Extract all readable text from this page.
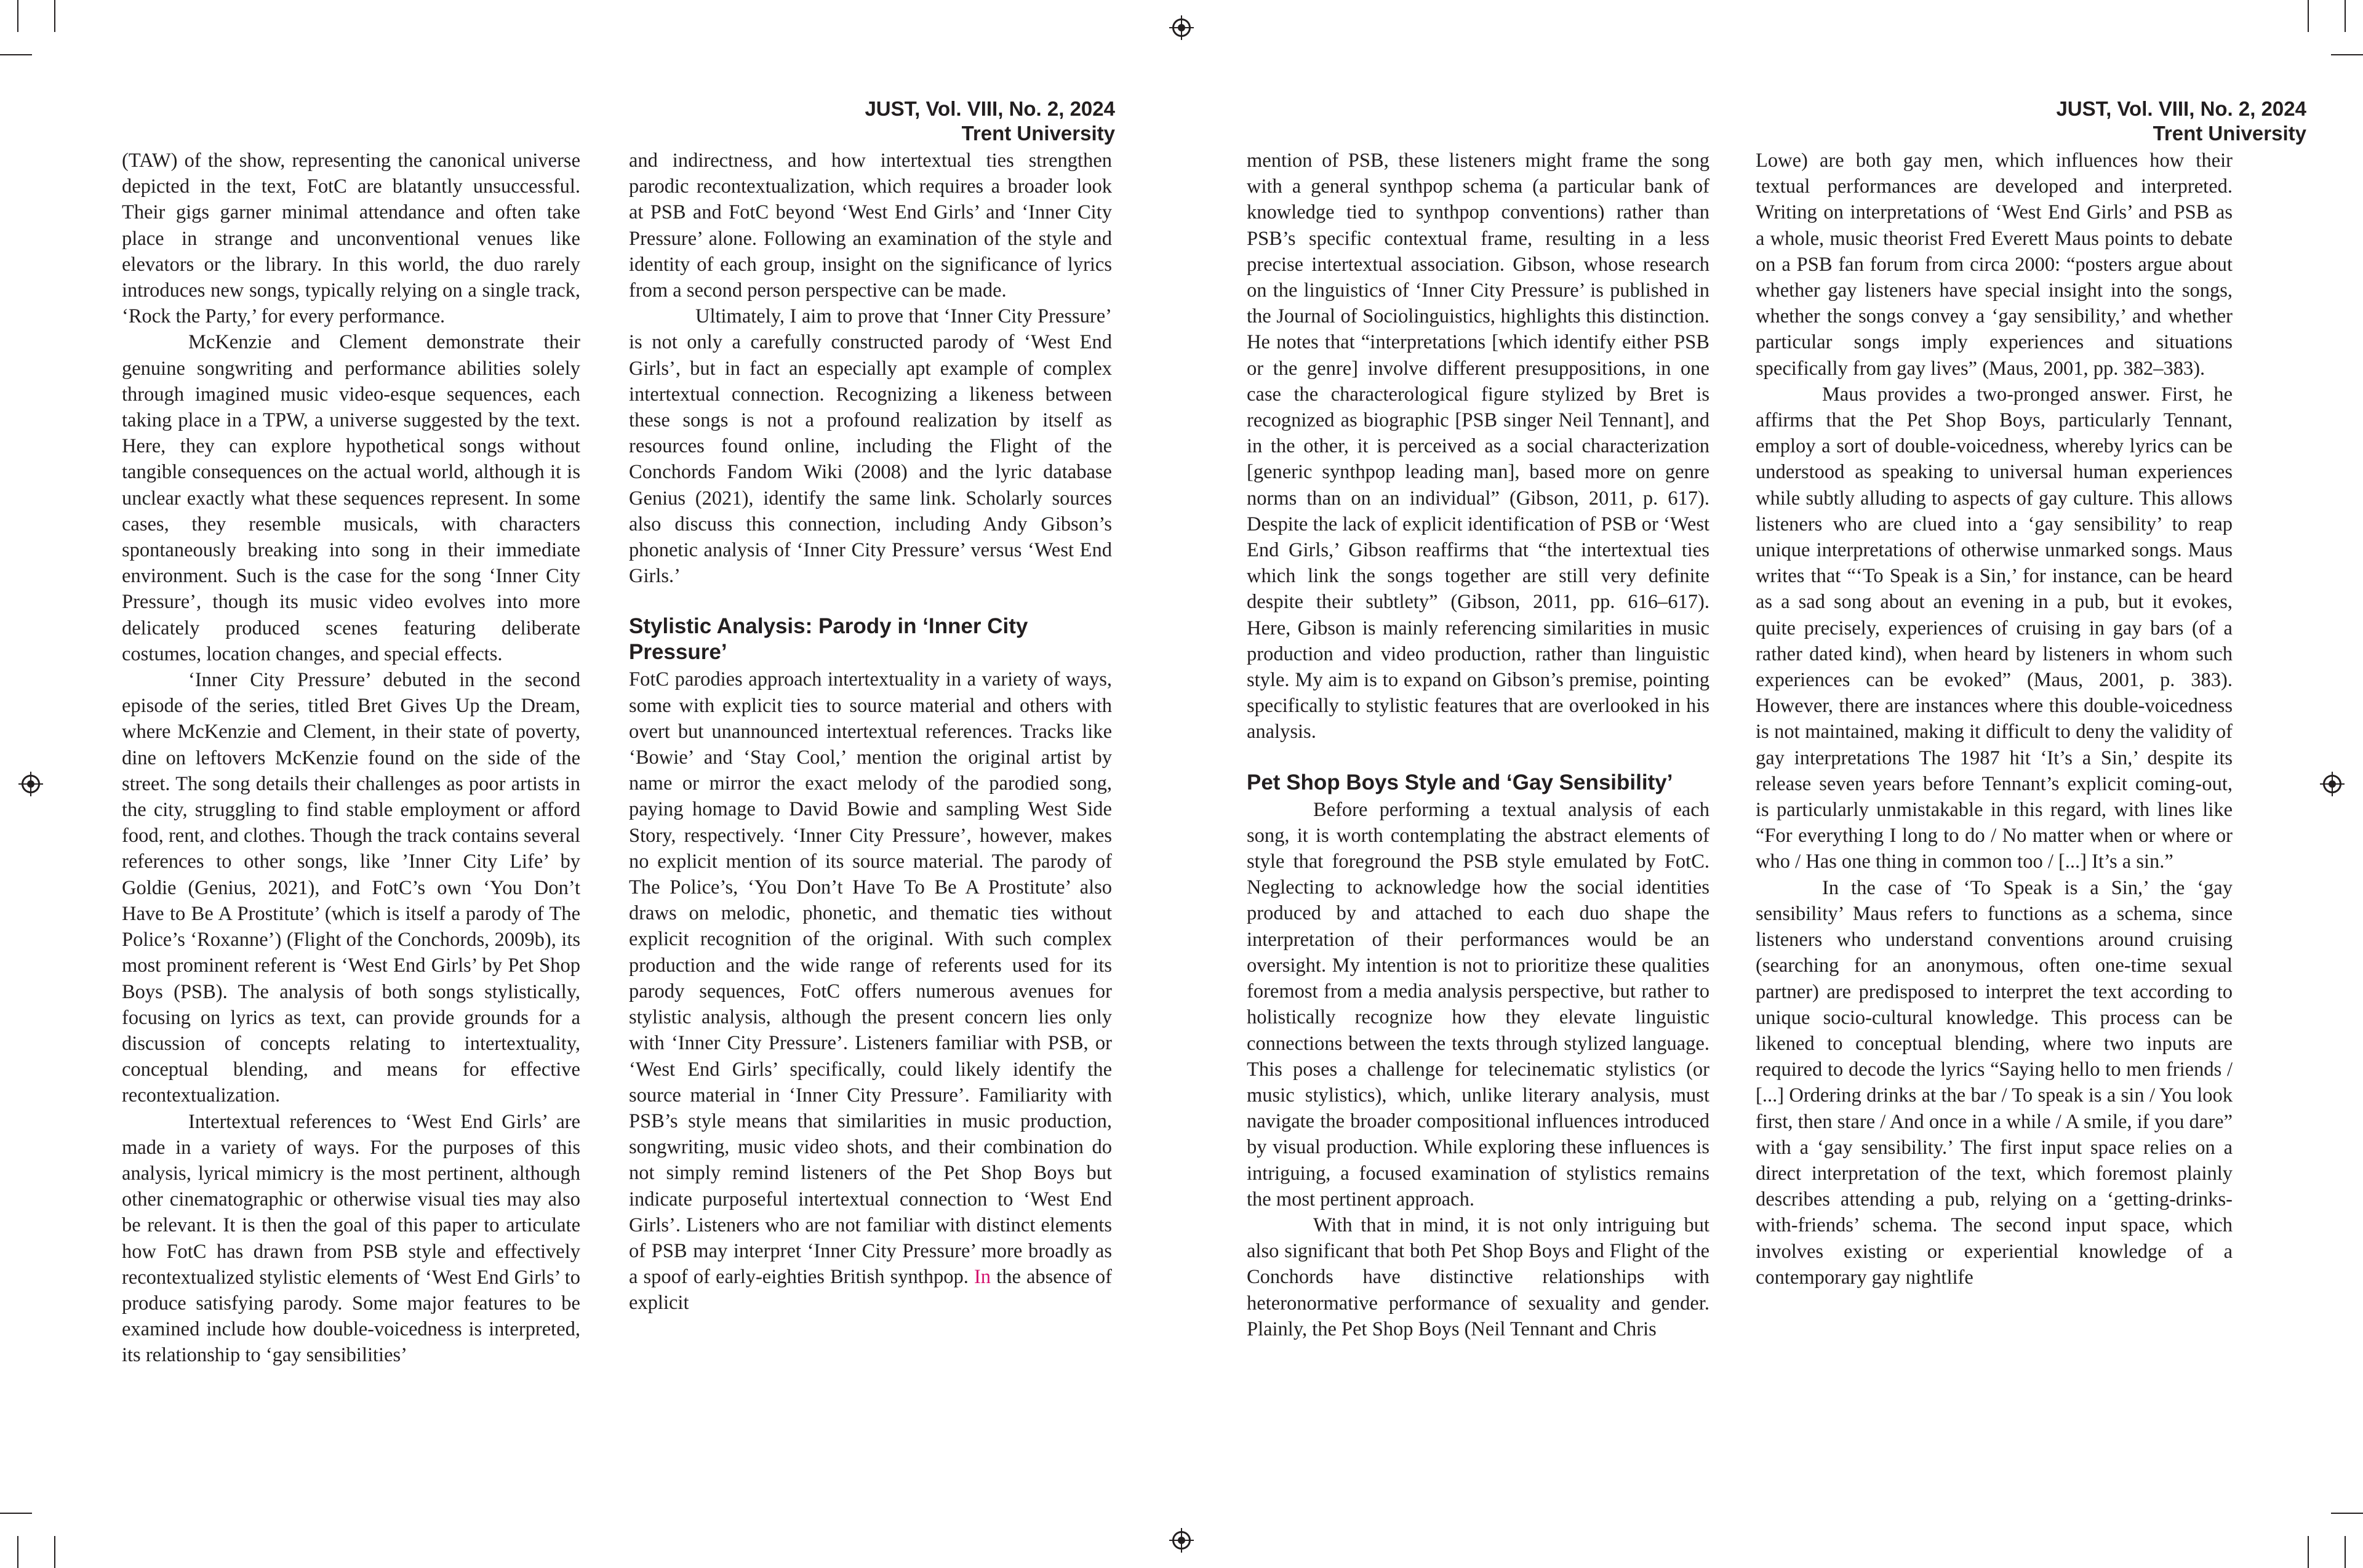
JUST, Vol. VIII, No. 2, 2024
Trent University

(TAW) of the show, representing the canonical universe depicted in the text, FotC are blatantly unsuccessful. Their gigs garner minimal attendance and often take place in strange and unconventional venues like elevators or the library. In this world, the duo rarely introduces new songs, typically relying on a single track, ‘Rock the Party,’ for every performance.

McKenzie and Clement demonstrate their genuine songwriting and performance abilities solely through imagined music video-esque sequences, each taking place in a TPW, a universe suggested by the text. Here, they can explore hypothetical songs without tangible consequences on the actual world, although it is unclear exactly what these sequences represent. In some cases, they resemble musicals, with characters spontaneously breaking into song in their immediate environment. Such is the case for the song ‘Inner City Pressure’, though its music video evolves into more delicately produced scenes featuring deliberate costumes, location changes, and special effects.

‘Inner City Pressure’ debuted in the second episode of the series, titled Bret Gives Up the Dream, where McKenzie and Clement, in their state of poverty, dine on leftovers McKenzie found on the side of the street. The song details their challenges as poor artists in the city, struggling to find stable employment or afford food, rent, and clothes. Though the track contains several references to other songs, like ’Inner City Life’ by Goldie (Genius, 2021), and FotC’s own ‘You Don’t Have to Be A Prostitute’ (which is itself a parody of The Police’s ‘Roxanne’) (Flight of the Conchords, 2009b), its most prominent referent is ‘West End Girls’ by Pet Shop Boys (PSB). The analysis of both songs stylistically, focusing on lyrics as text, can provide grounds for a discussion of concepts relating to intertextuality, conceptual blending, and means for effective recontextualization.

Intertextual references to ‘West End Girls’ are made in a variety of ways. For the purposes of this analysis, lyrical mimicry is the most pertinent, although other cinematographic or otherwise visual ties may also be relevant. It is then the goal of this paper to articulate how FotC has drawn from PSB style and effectively recontextualized stylistic elements of ‘West End Girls’ to produce satisfying parody. Some major features to be examined include how double-voicedness is interpreted, its relationship to ‘gay sensibilities’

and indirectness, and how intertextual ties strengthen parodic recontextualization, which requires a broader look at PSB and FotC beyond ‘West End Girls’ and ‘Inner City Pressure’ alone. Following an examination of the style and identity of each group, insight on the significance of lyrics from a second person perspective can be made.

Ultimately, I aim to prove that ‘Inner City Pressure’ is not only a carefully constructed parody of ‘West End Girls’, but in fact an especially apt example of complex intertextual connection. Recognizing a likeness between these songs is not a profound realization by itself as resources found online, including the Flight of the Conchords Fandom Wiki (2008) and the lyric database Genius (2021), identify the same link. Scholarly sources also discuss this connection, including Andy Gibson’s phonetic analysis of ‘Inner City Pressure’ versus ‘West End Girls.’

Stylistic Analysis: Parody in ‘Inner City Pressure’

FotC parodies approach intertextuality in a variety of ways, some with explicit ties to source material and others with overt but unannounced intertextual references. Tracks like ‘Bowie’ and ‘Stay Cool,’ mention the original artist by name or mirror the exact melody of the parodied song, paying homage to David Bowie and sampling West Side Story, respectively. ‘Inner City Pressure’, however, makes no explicit mention of its source material. The parody of The Police’s, ‘You Don’t Have To Be A Prostitute’ also draws on melodic, phonetic, and thematic ties without explicit recognition of the original. With such complex production and the wide range of referents used for its parody sequences, FotC offers numerous avenues for stylistic analysis, although the present concern lies only with ‘Inner City Pressure’. Listeners familiar with PSB, or ‘West End Girls’ specifically, could likely identify the source material in ‘Inner City Pressure’. Familiarity with PSB’s style means that similarities in music production, songwriting, music video shots, and their combination do not simply remind listeners of the Pet Shop Boys but indicate purposeful intertextual connection to ‘West End Girls’. Listeners who are not familiar with distinct elements of PSB may interpret ‘Inner City Pressure’ more broadly as a spoof of early-eighties British synthpop. In the absence of explicit

JUST, Vol. VIII, No. 2, 2024
Trent University

mention of PSB, these listeners might frame the song with a general synthpop schema (a particular bank of knowledge tied to synthpop conventions) rather than PSB’s specific contextual frame, resulting in a less precise intertextual association. Gibson, whose research on the linguistics of ‘Inner City Pressure’ is published in the Journal of Sociolinguistics, highlights this distinction. He notes that “interpretations [which identify either PSB or the genre] involve different presuppositions, in one case the characterological figure stylized by Bret is recognized as biographic [PSB singer Neil Tennant], and in the other, it is perceived as a social characterization [generic synthpop leading man], based more on genre norms than on an individual” (Gibson, 2011, p. 617). Despite the lack of explicit identification of PSB or ‘West End Girls,’ Gibson reaffirms that “the intertextual ties which link the songs together are still very definite despite their subtlety” (Gibson, 2011, pp. 616–617). Here, Gibson is mainly referencing similarities in music production and video production, rather than linguistic style. My aim is to expand on Gibson’s premise, pointing specifically to stylistic features that are overlooked in his analysis.

Pet Shop Boys Style and ‘Gay Sensibility’

Before performing a textual analysis of each song, it is worth contemplating the abstract elements of style that foreground the PSB style emulated by FotC. Neglecting to acknowledge how the social identities produced by and attached to each duo shape the interpretation of their performances would be an oversight. My intention is not to prioritize these qualities foremost from a media analysis perspective, but rather to holistically recognize how they elevate linguistic connections between the texts through stylized language. This poses a challenge for telecinematic stylistics (or music stylistics), which, unlike literary analysis, must navigate the broader compositional influences introduced by visual production. While exploring these influences is intriguing, a focused examination of stylistics remains the most pertinent approach.

With that in mind, it is not only intriguing but also significant that both Pet Shop Boys and Flight of the Conchords have distinctive relationships with heteronormative performance of sexuality and gender. Plainly, the Pet Shop Boys (Neil Tennant and Chris

Lowe) are both gay men, which influences how their textual performances are developed and interpreted. Writing on interpretations of ‘West End Girls’ and PSB as a whole, music theorist Fred Everett Maus points to debate on a PSB fan forum from circa 2000: “posters argue about whether gay listeners have special insight into the songs, whether the songs convey a ‘gay sensibility,’ and whether particular songs imply experiences and situations specifically from gay lives” (Maus, 2001, pp. 382–383).

Maus provides a two-pronged answer. First, he affirms that the Pet Shop Boys, particularly Tennant, employ a sort of double-voicedness, whereby lyrics can be understood as speaking to universal human experiences while subtly alluding to aspects of gay culture. This allows listeners who are clued into a ‘gay sensibility’ to reap unique interpretations of otherwise unmarked songs. Maus writes that “‘To Speak is a Sin,’ for instance, can be heard as a sad song about an evening in a pub, but it evokes, quite precisely, experiences of cruising in gay bars (of a rather dated kind), when heard by listeners in whom such experiences can be evoked” (Maus, 2001, p. 383). However, there are instances where this double-voicedness is not maintained, making it difficult to deny the validity of gay interpretations The 1987 hit ‘It’s a Sin,’ despite its release seven years before Tennant’s explicit coming-out, is particularly unmistakable in this regard, with lines like “For everything I long to do / No matter when or where or who / Has one thing in common too / [...] It’s a sin.”

In the case of ‘To Speak is a Sin,’ the ‘gay sensibility’ Maus refers to functions as a schema, since listeners who understand conventions around cruising (searching for an anonymous, often one-time sexual partner) are predisposed to interpret the text according to unique socio-cultural knowledge. This process can be likened to conceptual blending, where two inputs are required to decode the lyrics “Saying hello to men friends / [...] Ordering drinks at the bar / To speak is a sin / You look first, then stare / And once in a while / A smile, if you dare” with a ‘gay sensibility.’ The first input space relies on a direct interpretation of the text, which foremost plainly describes attending a pub, relying on a ‘getting-drinks-with-friends’ schema. The second input space, which involves existing or experiential knowledge of a contemporary gay nightlife
